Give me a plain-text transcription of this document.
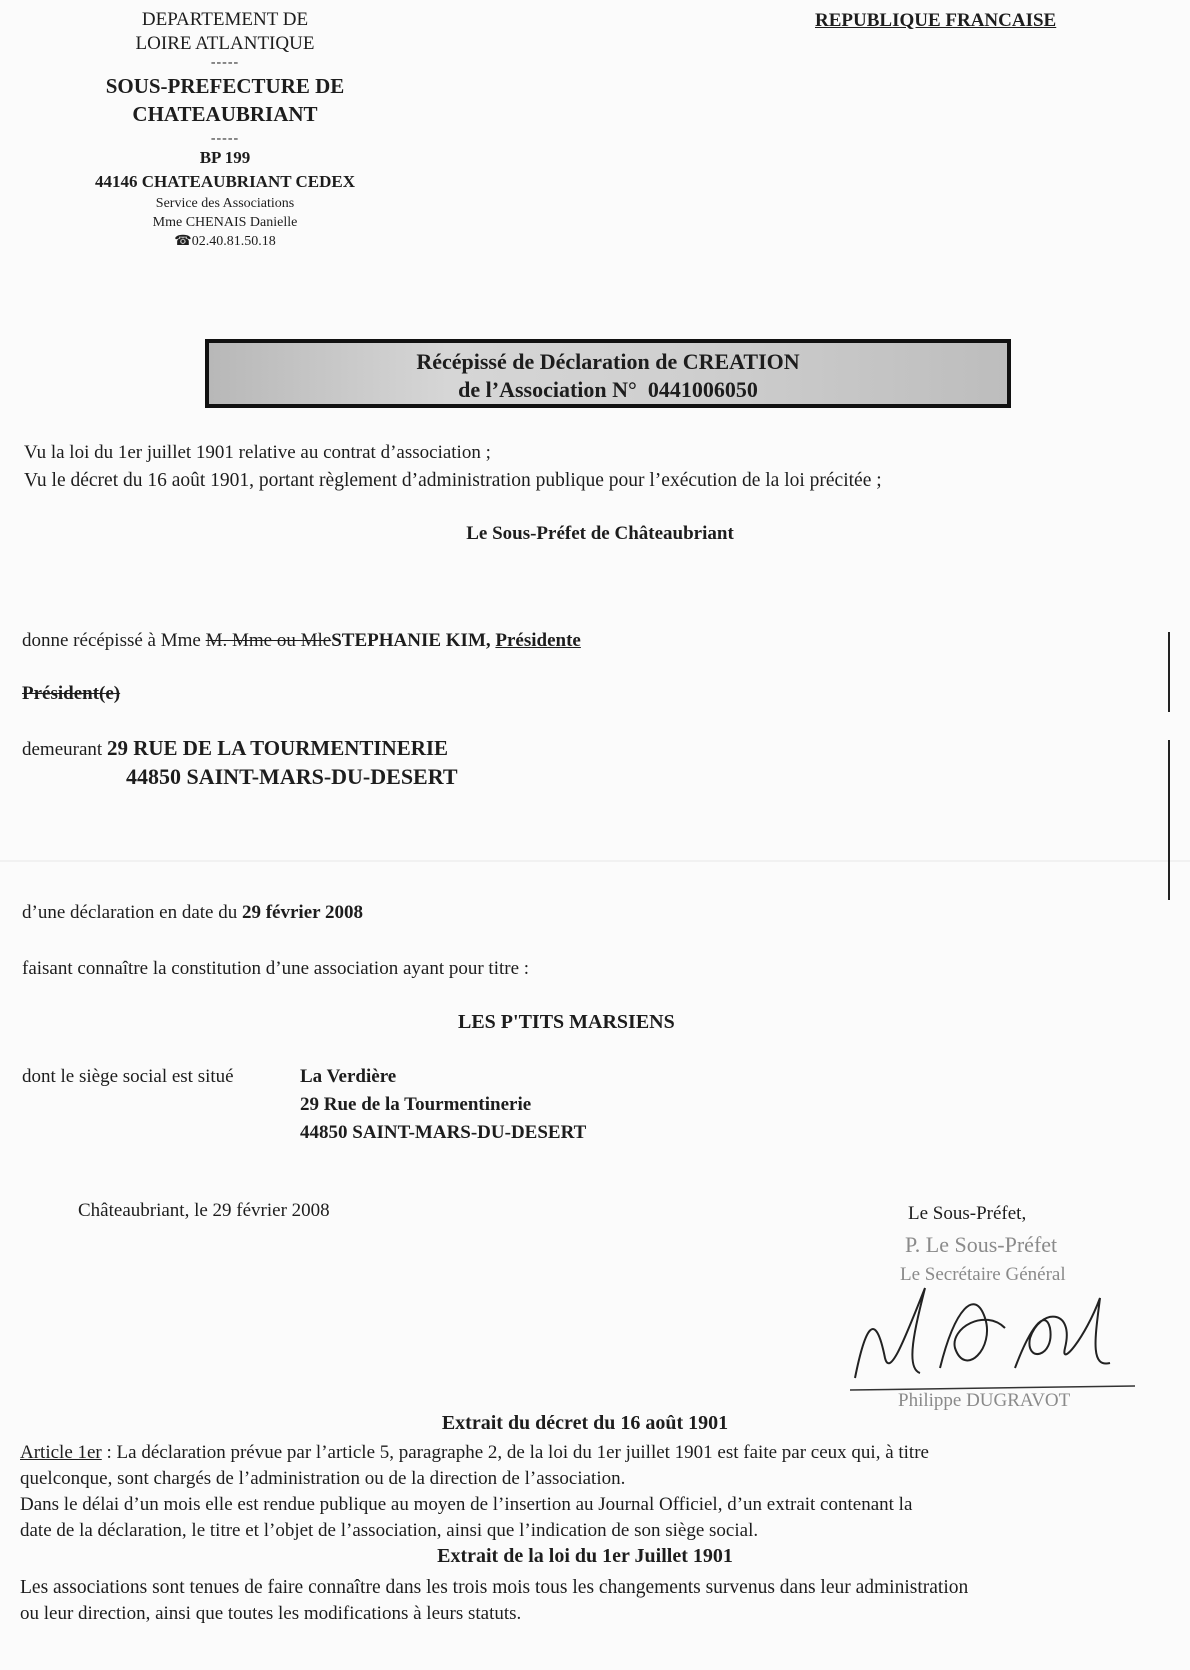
DEPARTEMENT DE
LOIRE ATLANTIQUE
-----
SOUS-PREFECTURE DE
CHATEAUBRIANT
-----
BP 199
44146 CHATEAUBRIANT CEDEX
Service des Associations
Mme CHENAIS Danielle
☎02.40.81.50.18
REPUBLIQUE FRANCAISE
Récépissé de Déclaration de CREATION
de l’Association N° 0441006050
Vu la loi du 1er juillet 1901 relative au contrat d’association ;
Vu le décret du 16 août 1901, portant règlement d’administration publique pour l’exécution de la loi précitée ;
Le Sous-Préfet de Châteaubriant
donne récépissé à Mme M. Mme ou MleSTEPHANIE KIM, Présidente
Président(e)
demeurant 29 RUE DE LA TOURMENTINERIE
44850 SAINT-MARS-DU-DESERT
d’une déclaration en date du 29 février 2008
faisant connaître la constitution d’une association ayant pour titre :
LES P'TITS MARSIENS
dont le siège social est situé	La Verdière
29 Rue de la Tourmentinerie
44850 SAINT-MARS-DU-DESERT
Châteaubriant, le 29 février 2008	Le Sous-Préfet,
P. Le Sous-Préfet
Le Secrétaire Général
Philippe DUGRAVOT
Extrait du décret du 16 août 1901
Article 1er : La déclaration prévue par l’article 5, paragraphe 2, de la loi du 1er juillet 1901 est faite par ceux qui, à titre
quelconque, sont chargés de l’administration ou de la direction de l’association.
Dans le délai d’un mois elle est rendue publique au moyen de l’insertion au Journal Officiel, d’un extrait contenant la
date de la déclaration, le titre et l’objet de l’association, ainsi que l’indication de son siège social.
Extrait de la loi du 1er Juillet 1901
Les associations sont tenues de faire connaître dans les trois mois tous les changements survenus dans leur administration
ou leur direction, ainsi que toutes les modifications à leurs statuts.
